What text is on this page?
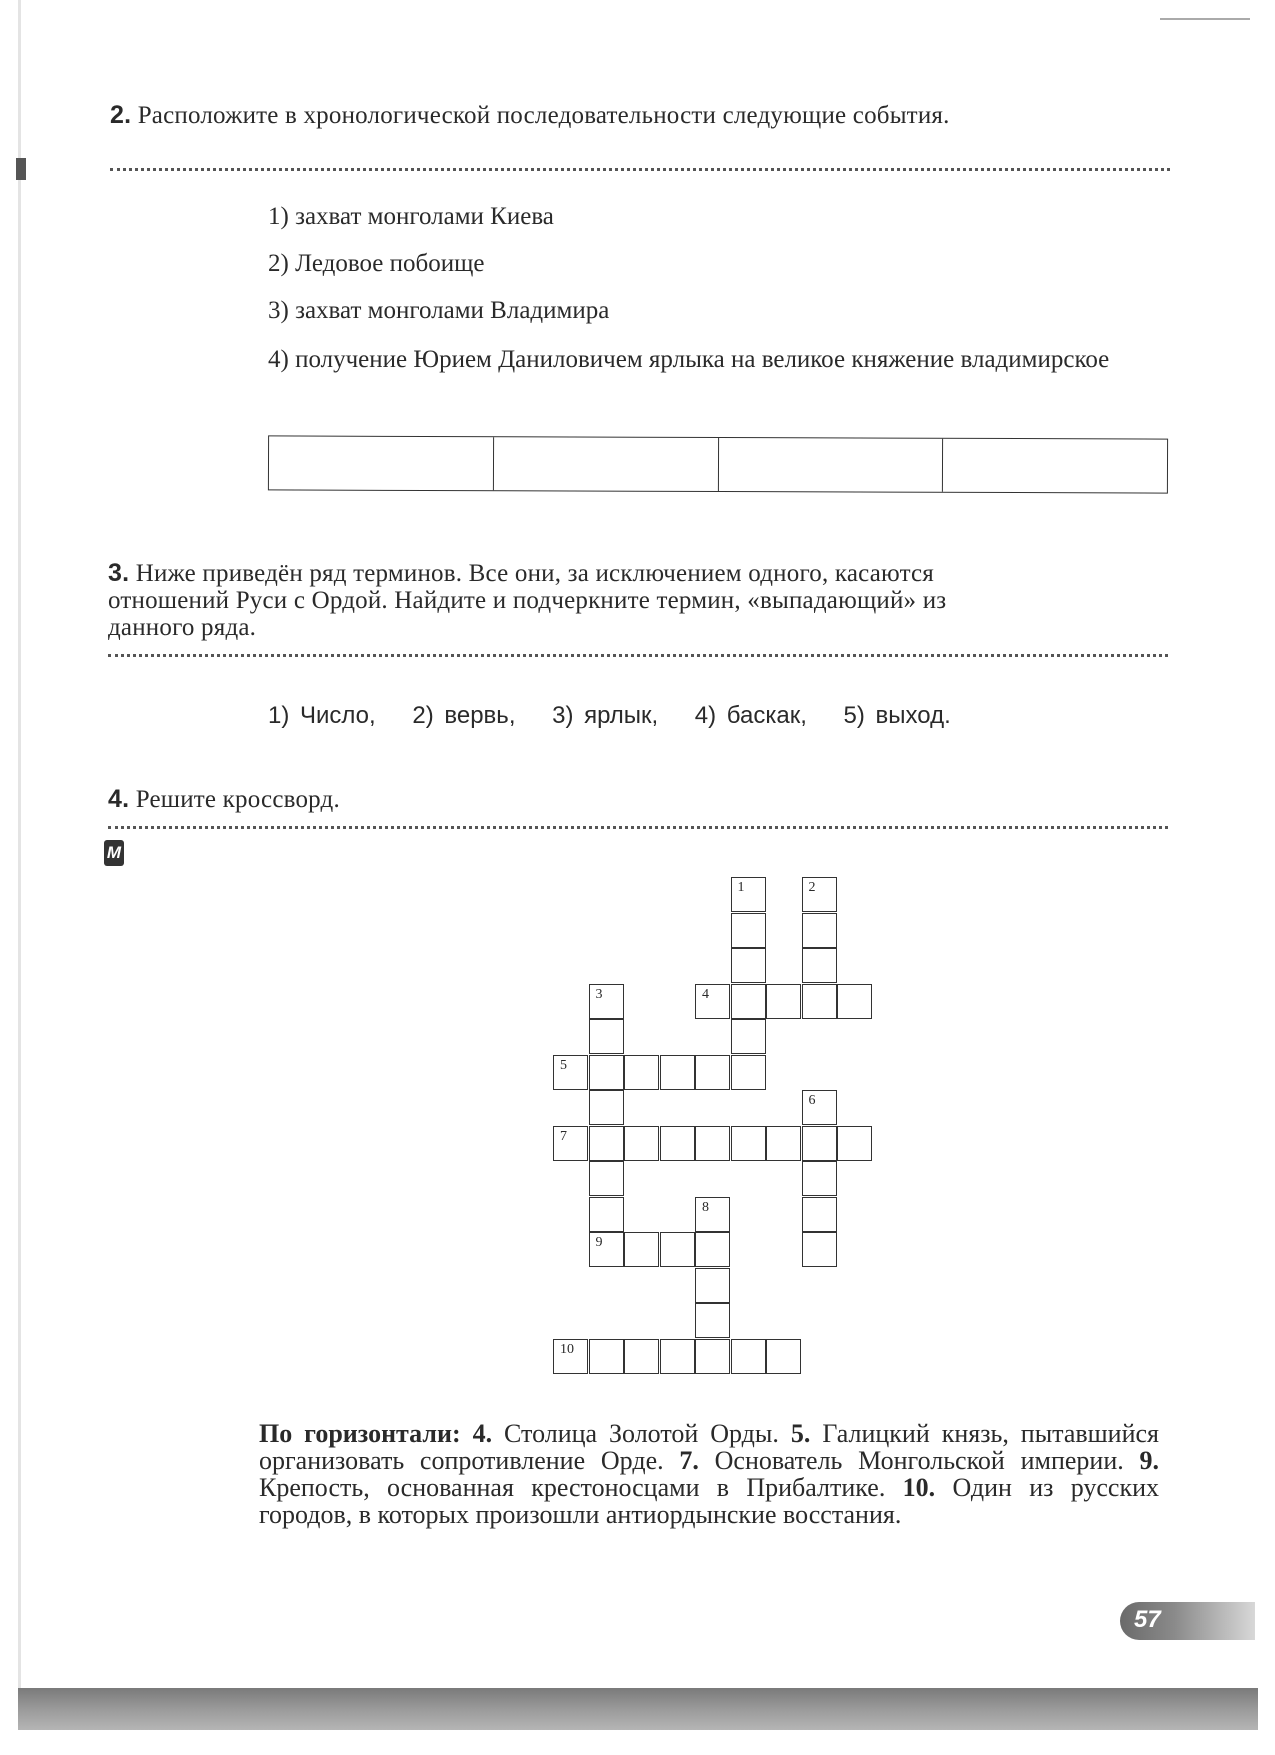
2. Расположите в хронологической последовательности следующие события.
1) захват монголами Киева
2) Ледовое побоище
3) захват монголами Владимира
4) получение Юрием Даниловичем ярлыка на великое княжение владимирское
3. Ниже приведён ряд терминов. Все они, за исключением одного, касаются отношений Руси с Ордой. Найдите и подчеркните термин, «выпадающий» из данного ряда.
1) Число, 2) вервь, 3) ярлык, 4) баскак, 5) выход.
4. Решите кроссворд.
M
1	2
4
3
9
5
6
7
8
10
По горизонтали: 4. Столица Золотой Орды. 5. Галицкий князь, пытавшийся организовать сопротивление Орде. 7. Основатель Монгольской империи. 9. Крепость, основанная крестоносцами в Прибалтике. 10. Один из русских городов, в которых произошли антиордынские восстания.
57
